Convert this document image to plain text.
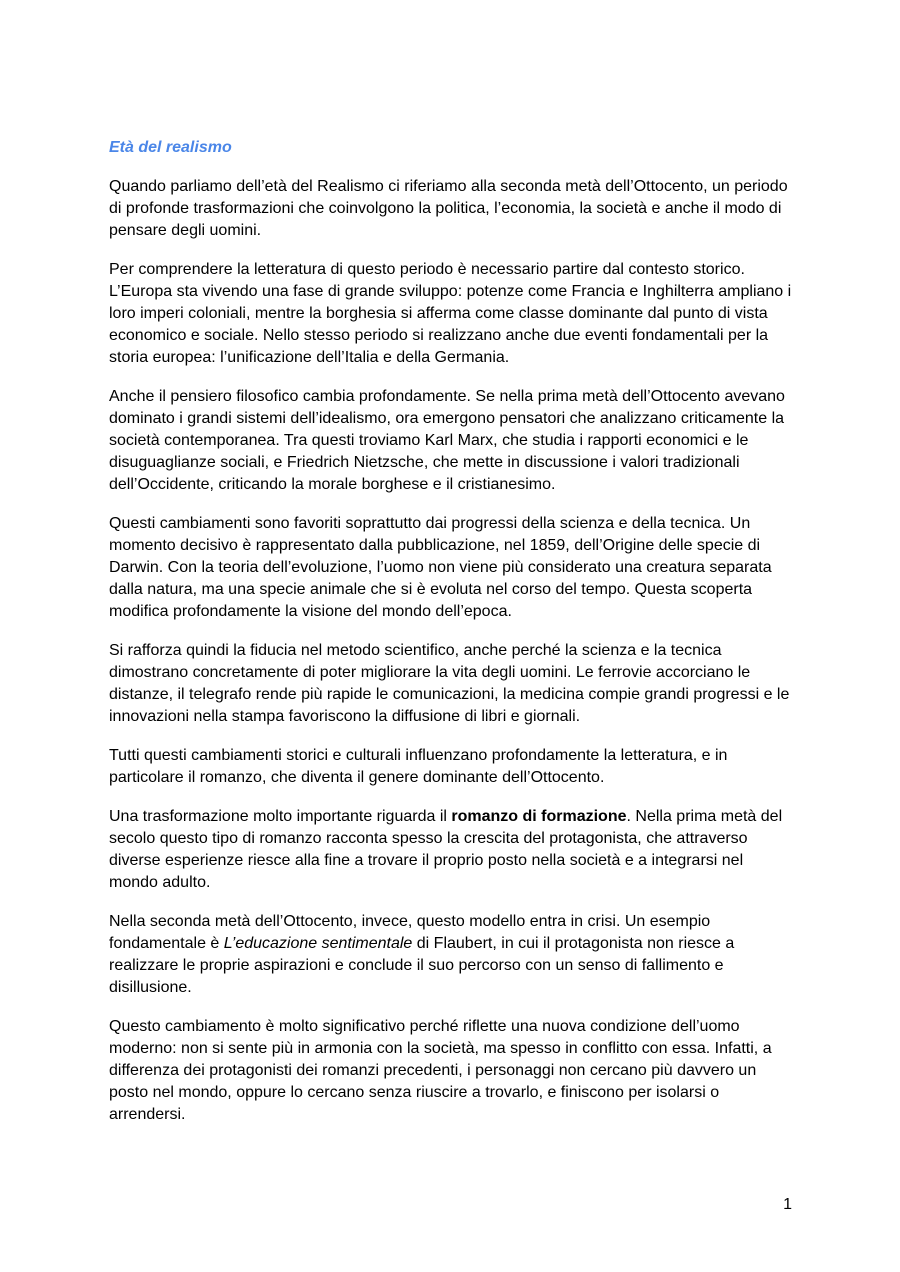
Età del realismo

Quando parliamo dell’età del Realismo ci riferiamo alla seconda metà dell’Ottocento, un periodo di profonde trasformazioni che coinvolgono la politica, l’economia, la società e anche il modo di pensare degli uomini.

Per comprendere la letteratura di questo periodo è necessario partire dal contesto storico. L’Europa sta vivendo una fase di grande sviluppo: potenze come Francia e Inghilterra ampliano i loro imperi coloniali, mentre la borghesia si afferma come classe dominante dal punto di vista economico e sociale. Nello stesso periodo si realizzano anche due eventi fondamentali per la storia europea: l’unificazione dell’Italia e della Germania.

Anche il pensiero filosofico cambia profondamente. Se nella prima metà dell’Ottocento avevano dominato i grandi sistemi dell’idealismo, ora emergono pensatori che analizzano criticamente la società contemporanea. Tra questi troviamo Karl Marx, che studia i rapporti economici e le disuguaglianze sociali, e Friedrich Nietzsche, che mette in discussione i valori tradizionali dell’Occidente, criticando la morale borghese e il cristianesimo.

Questi cambiamenti sono favoriti soprattutto dai progressi della scienza e della tecnica. Un momento decisivo è rappresentato dalla pubblicazione, nel 1859, dell’Origine delle specie di Darwin. Con la teoria dell’evoluzione, l’uomo non viene più considerato una creatura separata dalla natura, ma una specie animale che si è evoluta nel corso del tempo. Questa scoperta modifica profondamente la visione del mondo dell’epoca.

Si rafforza quindi la fiducia nel metodo scientifico, anche perché la scienza e la tecnica dimostrano concretamente di poter migliorare la vita degli uomini. Le ferrovie accorciano le distanze, il telegrafo rende più rapide le comunicazioni, la medicina compie grandi progressi e le innovazioni nella stampa favoriscono la diffusione di libri e giornali.

Tutti questi cambiamenti storici e culturali influenzano profondamente la letteratura, e in particolare il romanzo, che diventa il genere dominante dell’Ottocento.

Una trasformazione molto importante riguarda il romanzo di formazione. Nella prima metà del secolo questo tipo di romanzo racconta spesso la crescita del protagonista, che attraverso diverse esperienze riesce alla fine a trovare il proprio posto nella società e a integrarsi nel mondo adulto.

Nella seconda metà dell’Ottocento, invece, questo modello entra in crisi. Un esempio fondamentale è L’educazione sentimentale di Flaubert, in cui il protagonista non riesce a realizzare le proprie aspirazioni e conclude il suo percorso con un senso di fallimento e disillusione.

Questo cambiamento è molto significativo perché riflette una nuova condizione dell’uomo moderno: non si sente più in armonia con la società, ma spesso in conflitto con essa. Infatti, a differenza dei protagonisti dei romanzi precedenti, i personaggi non cercano più davvero un posto nel mondo, oppure lo cercano senza riuscire a trovarlo, e finiscono per isolarsi o arrendersi.

1
